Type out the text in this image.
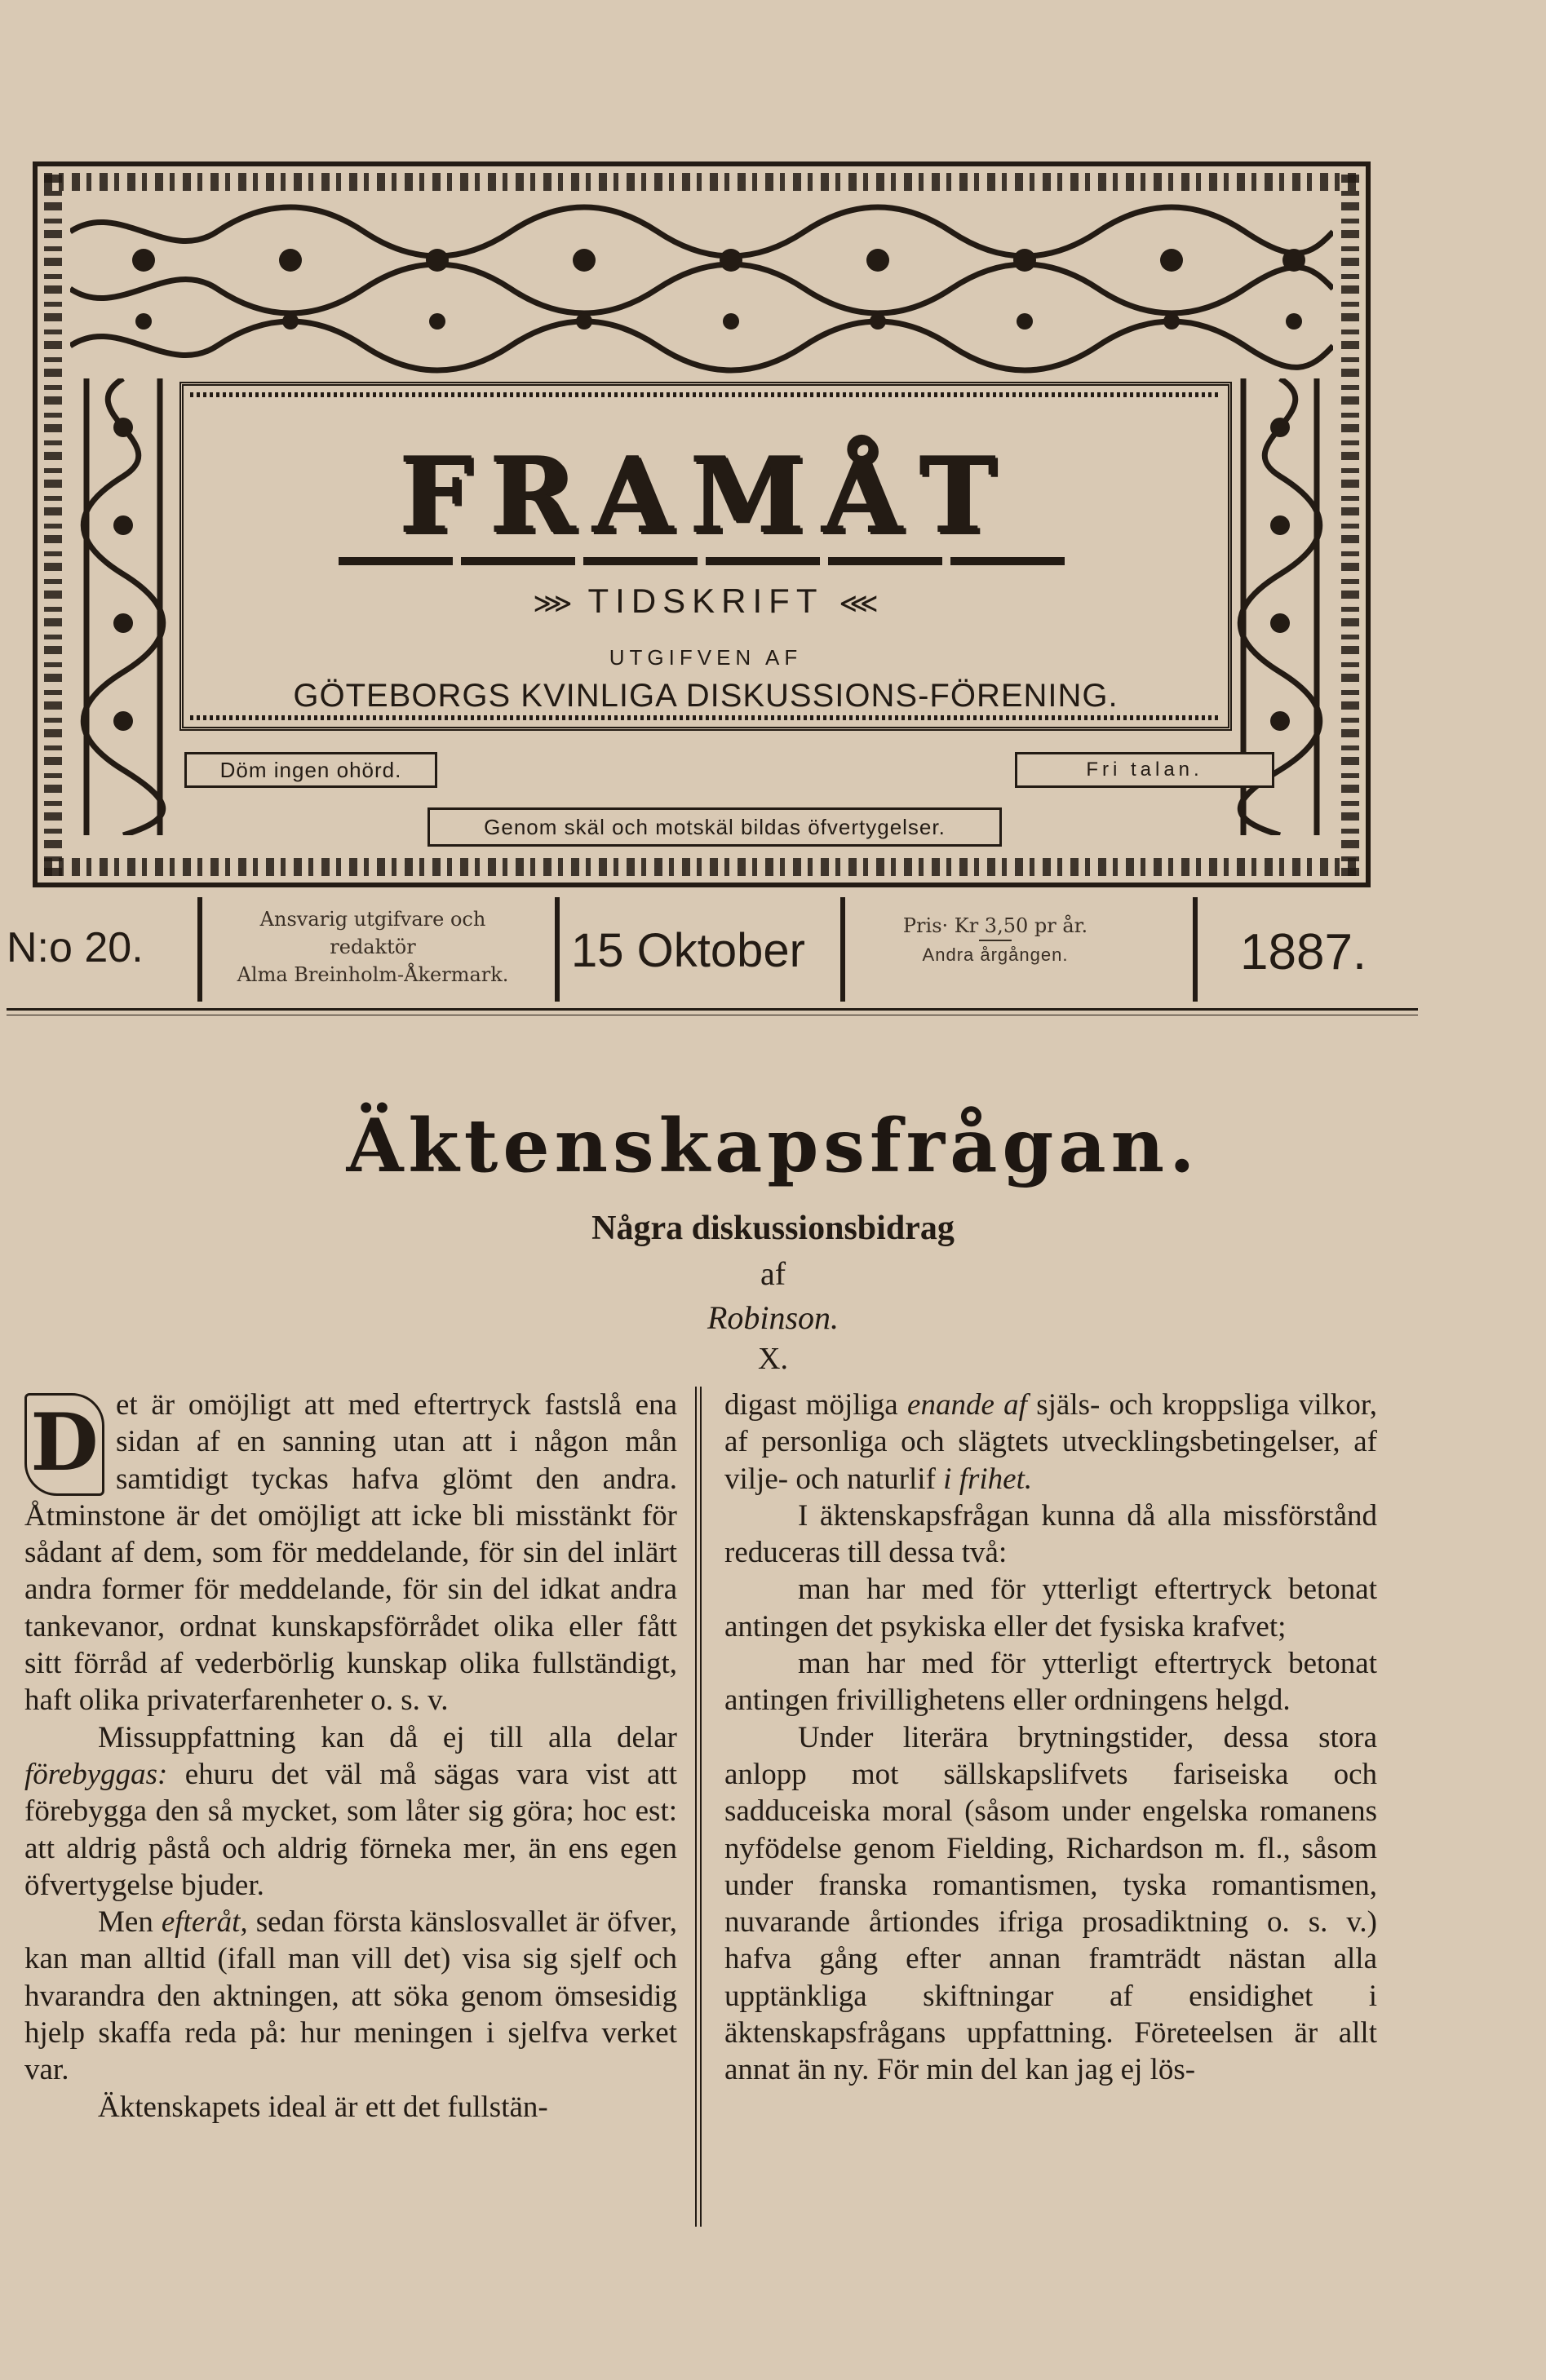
FRAMÅT
⋙ TIDSKRIFT ⋘
UTGIFVEN AF
GÖTEBORGS KVINLIGA DISKUSSIONS-FÖRENING.
Döm ingen ohörd.	Fri talan.
Genom skäl och motskäl bildas öfvertygelser.
N:o 20.
Ansvarig utgifvare och
redaktör
Alma Breinholm-Åkermark.	15 Oktober	Pris· Kr 3,50 pr år.
Andra årgången.	1887.
Äktenskapsfrågan.
Några diskussionsbidrag
af
Robinson.
X.
D et är omöjligt att med eftertryck fastslå ena sidan af en sanning utan att i någon mån samtidigt tyckas hafva glömt den andra. Åtminstone är det omöjligt att icke bli misstänkt för sådant af dem, som för meddelande, för sin del inlärt andra former för meddelande, för sin del idkat andra tankevanor, ordnat kunskapsförrådet olika eller fått sitt förråd af vederbörlig kunskap olika fullständigt, haft olika privaterfarenheter o. s. v.

Missuppfattning kan då ej till alla delar förebyggas: ehuru det väl må sägas vara vist att förebygga den så mycket, som låter sig göra; hoc est: att aldrig påstå och aldrig förneka mer, än ens egen öfvertygelse bjuder.

Men efteråt, sedan första känslosvallet är öfver, kan man alltid (ifall man vill det) visa sig sjelf och hvarandra den aktningen, att söka genom ömsesidig hjelp skaffa reda på: hur meningen i sjelfva verket var.

Äktenskapets ideal är ett det fullstän-

digast möjliga enande af själs- och kroppsliga vilkor, af personliga och slägtets utvecklingsbetingelser, af vilje- och naturlif i frihet.

I äktenskapsfrågan kunna då alla missförstånd reduceras till dessa två:

man har med för ytterligt eftertryck betonat antingen det psykiska eller det fysiska krafvet;

man har med för ytterligt eftertryck betonat antingen frivillighetens eller ordningens helgd.

Under literära brytningstider, dessa stora anlopp mot sällskapslifvets fariseiska och sadduceiska moral (såsom under engelska romanens nyfödelse genom Fielding, Richardson m. fl., såsom under franska romantismen, tyska romantismen, nuvarande årtiondes ifriga prosadiktning o. s. v.) hafva gång efter annan framträdt nästan alla upptänkliga skiftningar af ensidighet i äktenskapsfrågans uppfattning. Företeelsen är allt annat än ny. För min del kan jag ej lös-
